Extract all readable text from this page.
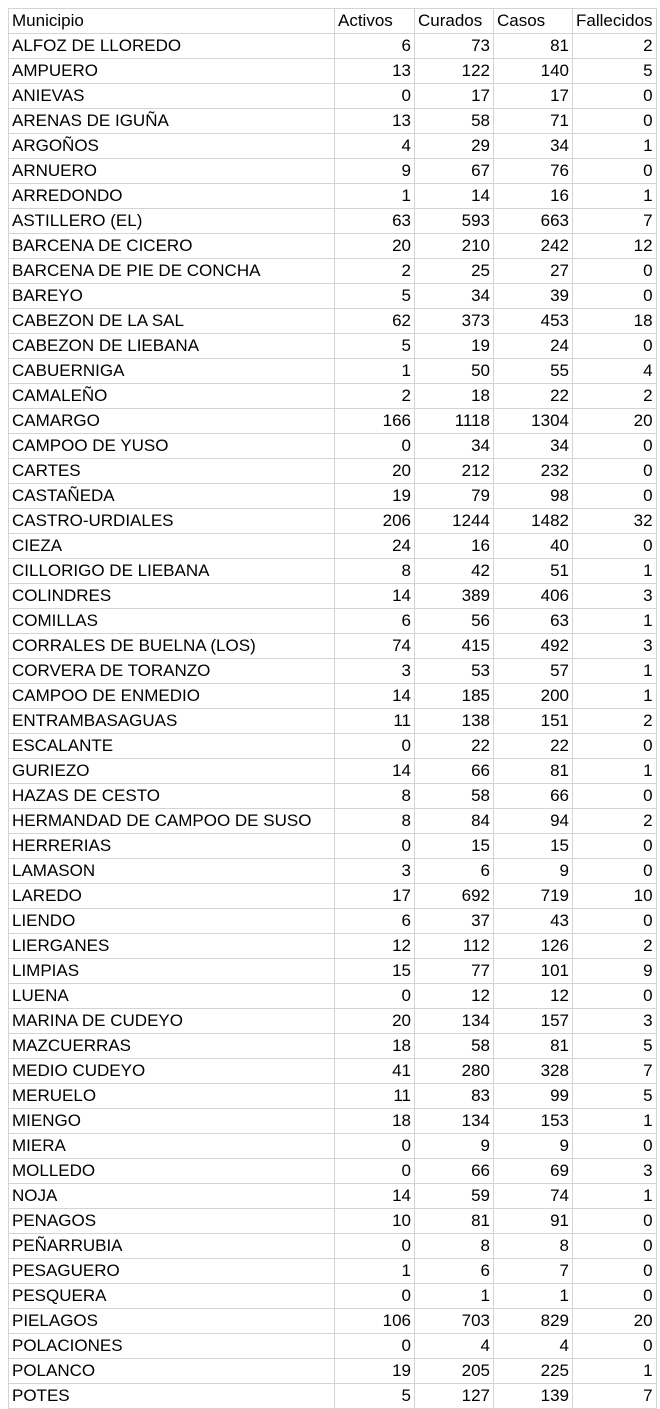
Municipio	Activos	Curados	Casos	Fallecidos
ALFOZ DE LLOREDO	6	73	81	2
AMPUERO	13	122	140	5
ANIEVAS	0	17	17	0
ARENAS DE IGUÑA	13	58	71	0
ARGOÑOS	4	29	34	1
ARNUERO	9	67	76	0
ARREDONDO	1	14	16	1
ASTILLERO (EL)	63	593	663	7
BARCENA DE CICERO	20	210	242	12
BARCENA DE PIE DE CONCHA	2	25	27	0
BAREYO	5	34	39	0
CABEZON DE LA SAL	62	373	453	18
CABEZON DE LIEBANA	5	19	24	0
CABUERNIGA	1	50	55	4
CAMALEÑO	2	18	22	2
CAMARGO	166	1118	1304	20
CAMPOO DE YUSO	0	34	34	0
CARTES	20	212	232	0
CASTAÑEDA	19	79	98	0
CASTRO-URDIALES	206	1244	1482	32
CIEZA	24	16	40	0
CILLORIGO DE LIEBANA	8	42	51	1
COLINDRES	14	389	406	3
COMILLAS	6	56	63	1
CORRALES DE BUELNA (LOS)	74	415	492	3
CORVERA DE TORANZO	3	53	57	1
CAMPOO DE ENMEDIO	14	185	200	1
ENTRAMBASAGUAS	11	138	151	2
ESCALANTE	0	22	22	0
GURIEZO	14	66	81	1
HAZAS DE CESTO	8	58	66	0
HERMANDAD DE CAMPOO DE SUSO	8	84	94	2
HERRERIAS	0	15	15	0
LAMASON	3	6	9	0
LAREDO	17	692	719	10
LIENDO	6	37	43	0
LIERGANES	12	112	126	2
LIMPIAS	15	77	101	9
LUENA	0	12	12	0
MARINA DE CUDEYO	20	134	157	3
MAZCUERRAS	18	58	81	5
MEDIO CUDEYO	41	280	328	7
MERUELO	11	83	99	5
MIENGO	18	134	153	1
MIERA	0	9	9	0
MOLLEDO	0	66	69	3
NOJA	14	59	74	1
PENAGOS	10	81	91	0
PEÑARRUBIA	0	8	8	0
PESAGUERO	1	6	7	0
PESQUERA	0	1	1	0
PIELAGOS	106	703	829	20
POLACIONES	0	4	4	0
POLANCO	19	205	225	1
POTES	5	127	139	7
